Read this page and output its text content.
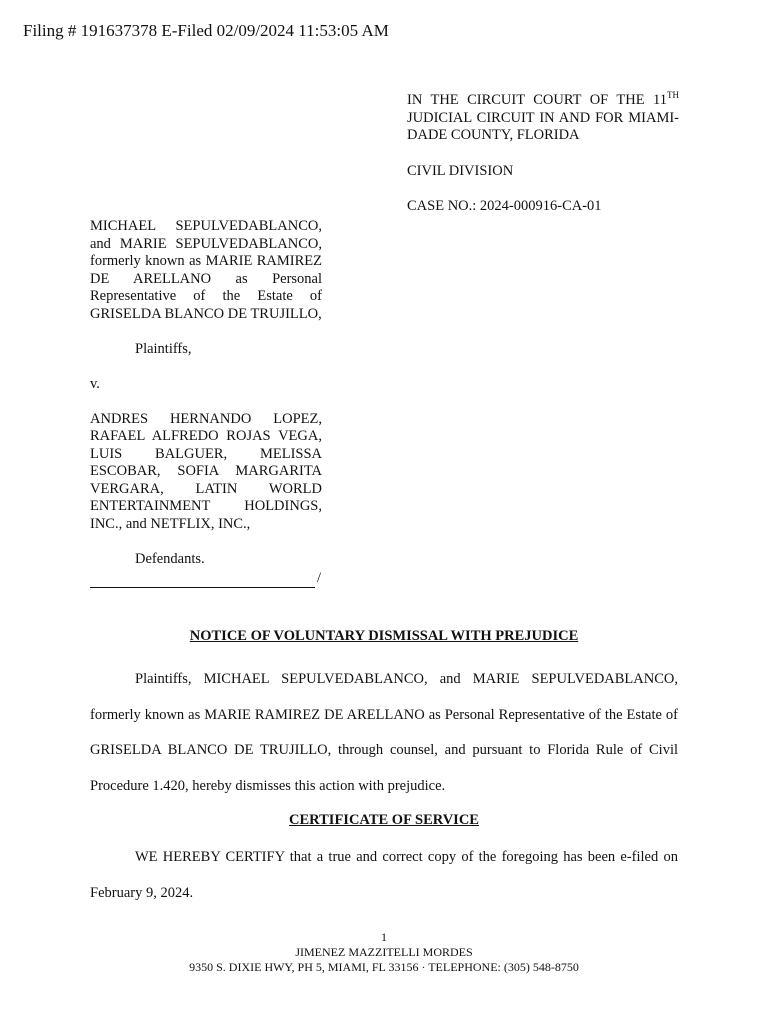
Filing # 191637378 E-Filed 02/09/2024 11:53:05 AM

IN THE CIRCUIT COURT OF THE 11TH JUDICIAL CIRCUIT IN AND FOR MIAMI-DADE COUNTY, FLORIDA

CIVIL DIVISION

CASE NO.: 2024-000916-CA-01

MICHAEL SEPULVEDABLANCO, and MARIE SEPULVEDABLANCO, formerly known as MARIE RAMIREZ DE ARELLANO as Personal Representative of the Estate of GRISELDA BLANCO DE TRUJILLO,

Plaintiffs,

v.

ANDRES HERNANDO LOPEZ, RAFAEL ALFREDO ROJAS VEGA, LUIS BALGUER, MELISSA ESCOBAR, SOFIA MARGARITA VERGARA, LATIN WORLD ENTERTAINMENT HOLDINGS, INC., and NETFLIX, INC.,

Defendants.

/
NOTICE OF VOLUNTARY DISMISSAL WITH PREJUDICE

Plaintiffs, MICHAEL SEPULVEDABLANCO, and MARIE SEPULVEDABLANCO, formerly known as MARIE RAMIREZ DE ARELLANO as Personal Representative of the Estate of GRISELDA BLANCO DE TRUJILLO, through counsel, and pursuant to Florida Rule of Civil Procedure 1.420, hereby dismisses this action with prejudice.

CERTIFICATE OF SERVICE

WE HEREBY CERTIFY that a true and correct copy of the foregoing has been e-filed on February 9, 2024.

1
JIMENEZ MAZZITELLI MORDES
9350 S. DIXIE HWY, PH 5, MIAMI, FL 33156 · TELEPHONE: (305) 548-8750
